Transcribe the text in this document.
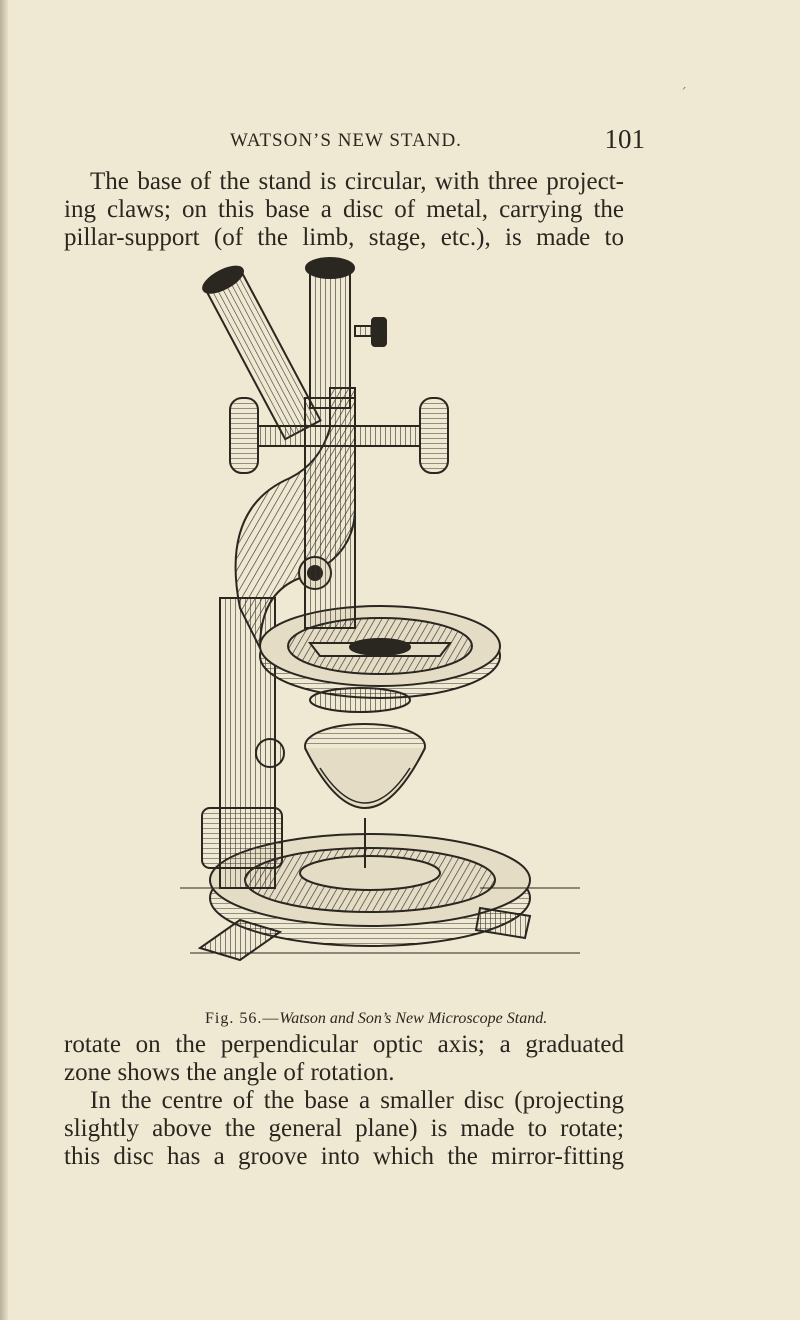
ˊ
WATSON’S NEW STAND.	101
The base of the stand is circular, with three project-
ing claws; on this base a disc of metal, carrying the
pillar-support (of the limb, stage, etc.), is made to
Fig. 56.—Watson and Son’s New Microscope Stand.
rotate on the perpendicular optic axis; a graduated
zone shows the angle of rotation.
In the centre of the base a smaller disc (projecting
slightly above the general plane) is made to rotate;
this disc has a groove into which the mirror-fitting
